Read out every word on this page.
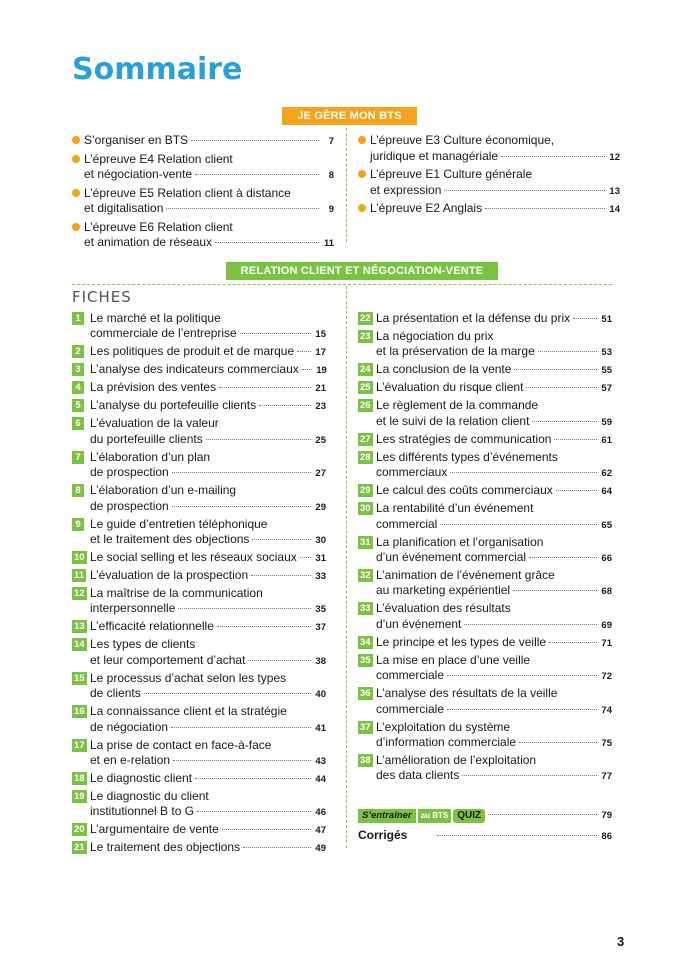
Sommaire
JE GÈRE MON BTS
S’organiser en BTS	7
L’épreuve E4 Relation client
et négociation-vente	8
L’épreuve E5 Relation client à distance
et digitalisation	9
L’épreuve E6 Relation client
et animation de réseaux	11
L’épreuve E3 Culture économique,
juridique et managériale	12
L’épreuve E1 Culture générale
et expression	13
L’épreuve E2 Anglais	14
RELATION CLIENT ET NÉGOCIATION-VENTE
FICHES
1 Le marché et la politique
commerciale de l’entreprise	15
2 Les politiques de produit et de marque 17
3 L’analyse des indicateurs commerciaux 19
4 La prévision des ventes	21
5 L’analyse du portefeuille clients	23
6 L’évaluation de la valeur
du portefeuille clients	25
7 L’élaboration d’un plan
de prospection	27
8 L’élaboration d’un e-mailing
de prospection	29
9 Le guide d’entretien téléphonique
et le traitement des objections	30
10 Le social selling et les réseaux sociaux 31
11 L’évaluation de la prospection	33
12 La maîtrise de la communication
interpersonnelle	35
13 L’efficacité relationnelle	37
14 Les types de clients
et leur comportement d’achat	38
15 Le processus d’achat selon les types
de clients	40
16 La connaissance client et la stratégie
de négociation	41
17 La prise de contact en face-à-face
et en e-relation	43
18 Le diagnostic client	44
19 Le diagnostic du client
institutionnel B to G	46
20 L’argumentaire de vente	47
21 Le traitement des objections	49
22 La présentation et la défense du prix	51
23 La négociation du prix
et la préservation de la marge	53
24 La conclusion de la vente	55
25 L’évaluation du risque client	57
26 Le règlement de la commande
et le suivi de la relation client	59
27 Les stratégies de communication	61
28 Les différents types d’événements
commerciaux	62
29 Le calcul des coûts commerciaux	64
30 La rentabilité d’un événement
commercial	65
31 La planification et l’organisation
d’un événement commercial	66
32 L’animation de l’événement grâce
au marketing expérientiel	68
33 L’évaluation des résultats
d’un événement	69
34 Le principe et les types de veille	71
35 La mise en place d’une veille
commerciale	72
36 L’analyse des résultats de la veille
commerciale	74
37 L’exploitation du système
d’information commerciale	75
38 L’amélioration de l’exploitation
des data clients	77
S’entraîner	au BTS QUIZ	79
Corrigés	86
3
